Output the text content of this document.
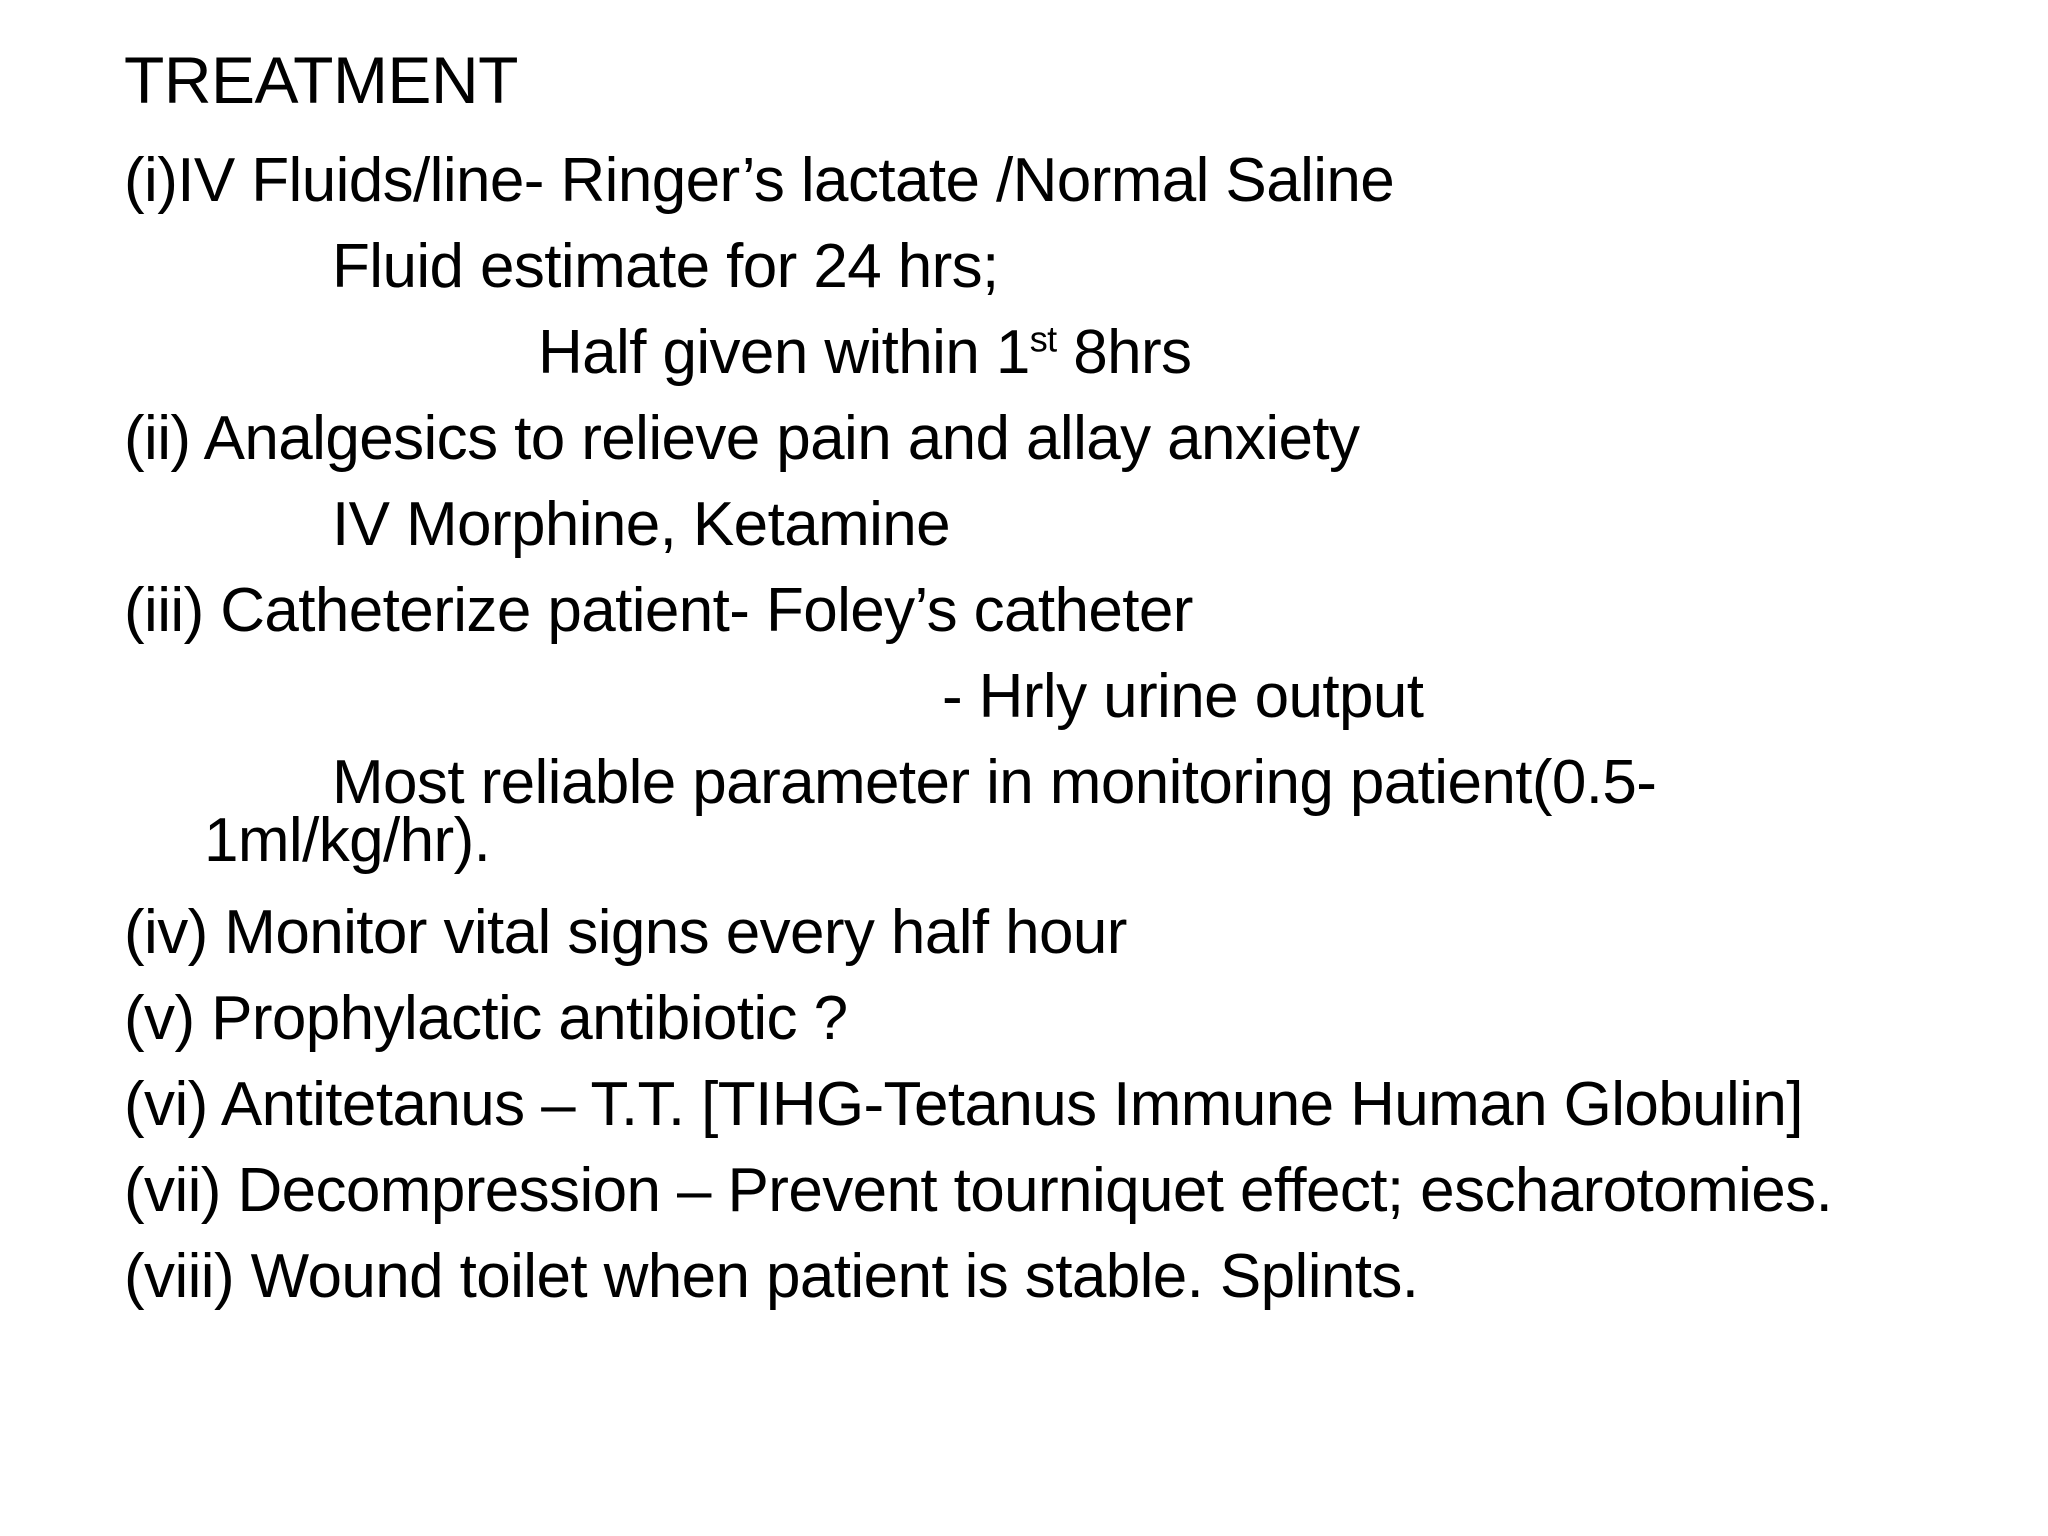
TREATMENT
(i)IV Fluids/line- Ringer’s lactate /Normal Saline
Fluid estimate for 24 hrs;
Half given within 1st 8hrs
(ii) Analgesics to relieve pain and allay anxiety
IV Morphine, Ketamine
(iii) Catheterize patient- Foley’s catheter
- Hrly urine output
Most reliable parameter in monitoring patient(0.5-
1ml/kg/hr).
(iv) Monitor vital signs every half hour
(v) Prophylactic antibiotic ?
(vi) Antitetanus – T.T. [TIHG-Tetanus Immune Human Globulin]
(vii) Decompression – Prevent tourniquet effect; escharotomies.
(viii) Wound toilet when patient is stable. Splints.
